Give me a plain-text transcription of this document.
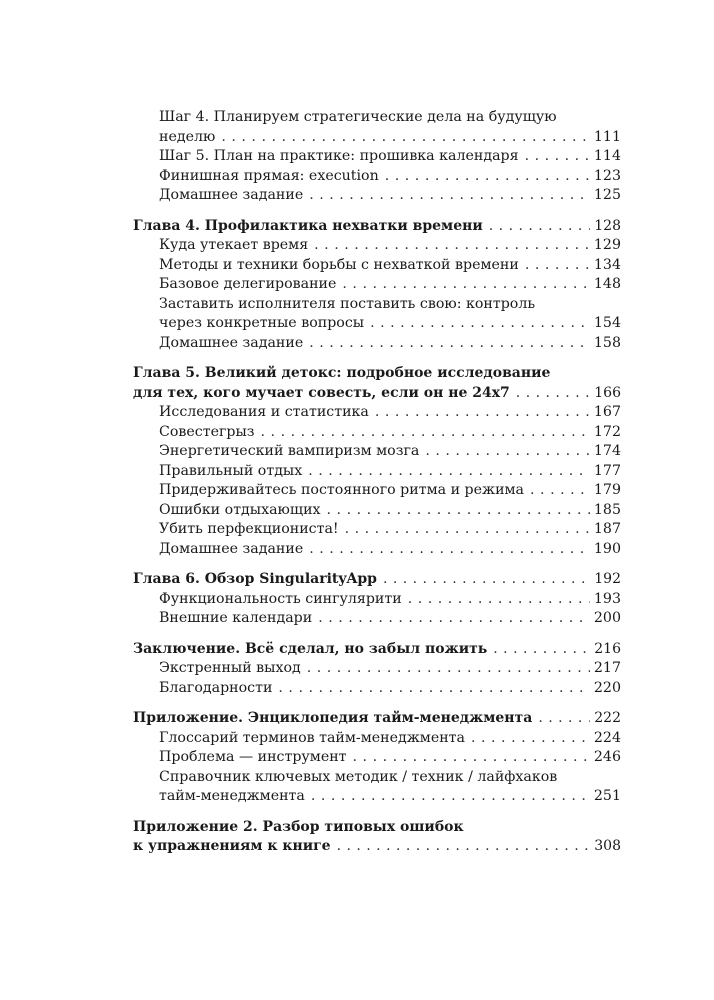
Шаг 4. Планируем стратегические дела на будущую
неделю . . .	111
Шаг 5. План на практике: прошивка календаря . . .	114
Финишная прямая: execution . . .	123
Домашнее задание . . .	125
Глава 4. Профилактика нехватки времени . . .	128
Куда утекает время . . .	129
Методы и техники борьбы с нехваткой времени . . .	134
Базовое делегирование . . .	148
Заставить исполнителя поставить свою: контроль
через конкретные вопросы . . .	154
Домашнее задание . . .	158
Глава 5. Великий детокс: подробное исследование
для тех, кого мучает совесть, если он не 24x7 . . .	166
Исследования и статистика . . .	167
Совестегрыз . . .	172
Энергетический вампиризм мозга . . .	174
Правильный отдых . . .	177
Придерживайтесь постоянного ритма и режима . . .	179
Ошибки отдыхающих . . .	185
Убить перфекциониста! . . .	187
Домашнее задание . . .	190
Глава 6. Обзор SingularityApp . . .	192
Функциональность сингулярити . . .	193
Внешние календари . . .	200
Заключение. Всё сделал, но забыл пожить . . .	216
Экстренный выход . . .	217
Благодарности . . .	220
Приложение. Энциклопедия тайм-менеджмента . . .	222
Глоссарий терминов тайм-менеджмента . . .	224
Проблема — инструмент . . .	246
Справочник ключевых методик / техник / лайфхаков
тайм-менеджмента . . .	251
Приложение 2. Разбор типовых ошибок
к упражнениям к книге . . .	308
